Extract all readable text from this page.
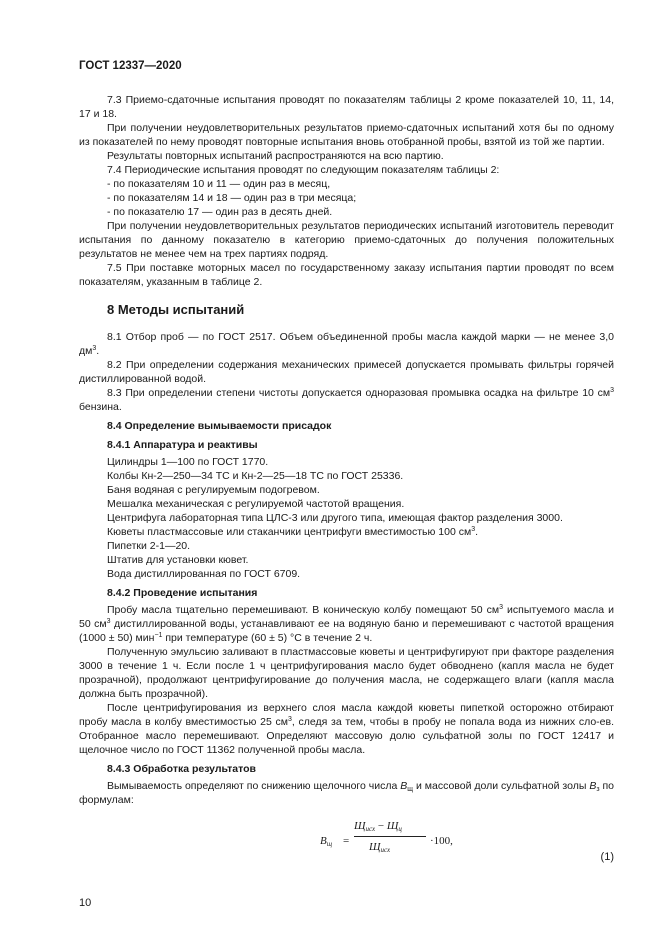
ГОСТ 12337—2020

7.3 Приемо-сдаточные испытания проводят по показателям таблицы 2 кроме показателей 10, 11, 14, 17 и 18.

При получении неудовлетворительных результатов приемо-сдаточных испытаний хотя бы по одному из показателей по нему проводят повторные испытания вновь отобранной пробы, взятой из той же партии.

Результаты повторных испытаний распространяются на всю партию.

7.4 Периодические испытания проводят по следующим показателям таблицы 2:

- по показателям 10 и 11 — один раз в месяц,

- по показателям 14 и 18 — один раз в три месяца;

- по показателю 17 — один раз в десять дней.

При получении неудовлетворительных результатов периодических испытаний изготовитель переводит испытания по данному показателю в категорию приемо-сдаточных до получения положительных результатов не менее чем на трех партиях подряд.

7.5 При поставке моторных масел по государственному заказу испытания партии проводят по всем показателям, указанным в таблице 2.

8 Методы испытаний

8.1 Отбор проб — по ГОСТ 2517. Объем объединенной пробы масла каждой марки — не менее 3,0 $дм^3$.

8.2 При определении содержания механических примесей допускается промывать фильтры горячей дистиллированной водой.

8.3 При определении степени чистоты допускается одноразовая промывка осадка на фильтре 10 $см^3$ бензина.

8.4 Определение вымываемости присадок
8.4.1 Аппаратура и реактивы

Цилиндры 1—100 по ГОСТ 1770.

Колбы Кн-2—250—34 ТС и Кн-2—25—18 ТС по ГОСТ 25336.

Баня водяная с регулируемым подогревом.

Мешалка механическая с регулируемой частотой вращения.

Центрифуга лабораторная типа ЦЛС-3 или другого типа, имеющая фактор разделения 3000.

Кюветы пластмассовые или стаканчики центрифуги вместимостью 100 $см^3$.

Пипетки 2-1—20.

Штатив для установки кювет.

Вода дистиллированная по ГОСТ 6709.

8.4.2 Проведение испытания

Пробу масла тщательно перемешивают. В коническую колбу помещают 50 $см^3$ испытуемого масла и 50 $см^3$ дистиллированной воды, устанавливают ее на водяную баню и перемешивают с частотой вращения (1000 ± 50) мин$^{-1}$ при температуре (60 ± 5) °С в течение 2 ч.

Полученную эмульсию заливают в пластмассовые кюветы и центрифугируют при факторе разделения 3000 в течение 1 ч. Если после 1 ч центрифугирования масло будет обводнено (капля масла не будет прозрачной), продолжают центрифугирование до получения масла, не содержащего влаги (капля масла должна быть прозрачной).

После центрифугирования из верхнего слоя масла каждой кюветы пипеткой осторожно отбирают пробу масла в колбу вместимостью 25 $см^3$, следя за тем, чтобы в пробу не попала вода из нижних сло-ев. Отобранное масло перемешивают. Определяют массовую долю сульфатной золы по ГОСТ 12417 и щелочное число по ГОСТ 11362 полученной пробы масла.

8.4.3 Обработка результатов

Вымываемость определяют по снижению щелочного числа $В_щ$ и массовой доли сульфатной золы $В_з$ по формулам:

$В_щ$ =
$Щ_{исх} - Щ_ц$
$Щ_{исх}$
·100,
(1)
10
